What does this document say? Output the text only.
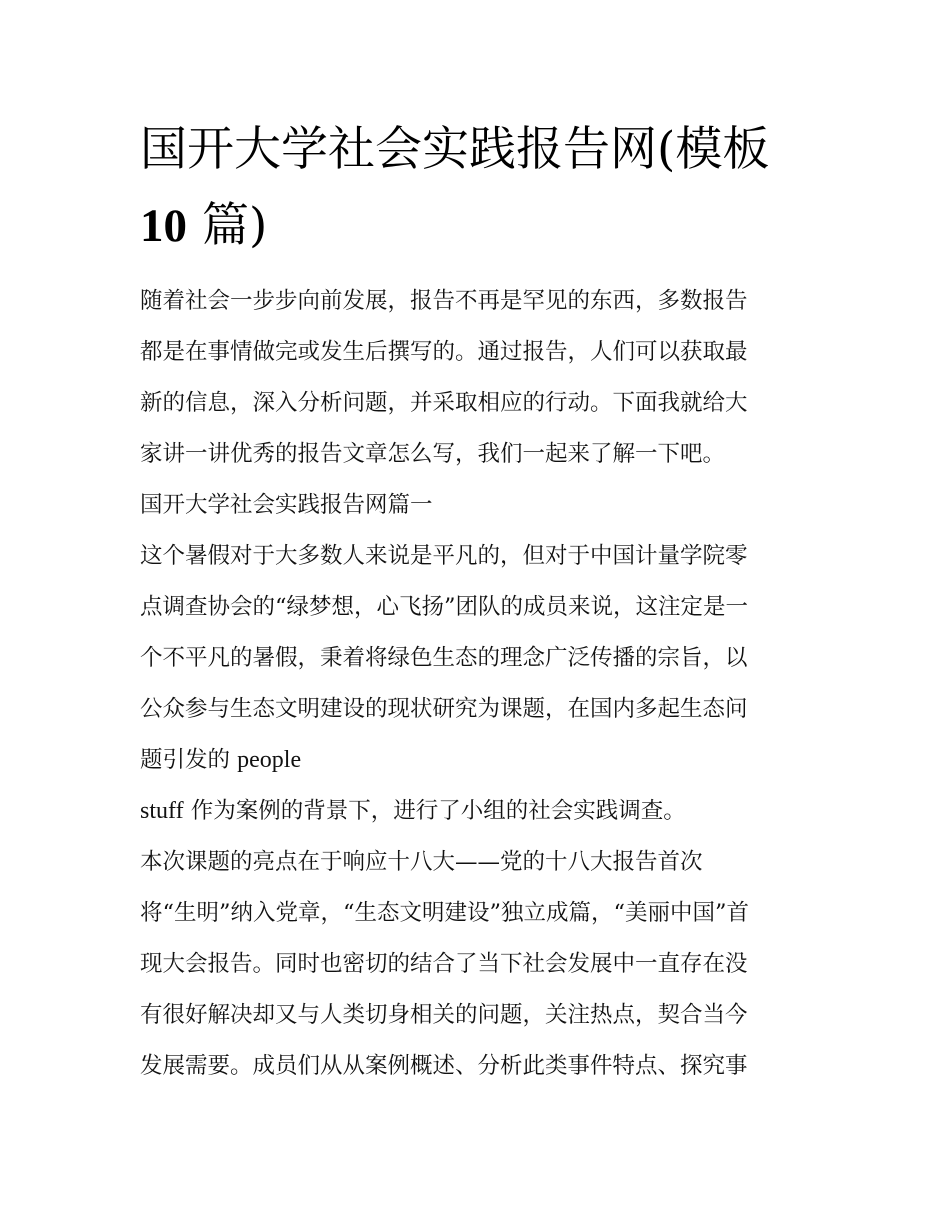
国开大学社会实践报告网(模板
10 篇)

随着社会一步步向前发展，报告不再是罕见的东西，多数报告
都是在事情做完或发生后撰写的。通过报告，人们可以获取最
新的信息，深入分析问题，并采取相应的行动。下面我就给大
家讲一讲优秀的报告文章怎么写，我们一起来了解一下吧。

国开大学社会实践报告网篇一

这个暑假对于大多数人来说是平凡的，但对于中国计量学院零
点调查协会的“绿梦想，心飞扬”团队的成员来说，这注定是一
个不平凡的暑假，秉着将绿色生态的理念广泛传播的宗旨，以
公众参与生态文明建设的现状研究为课题，在国内多起生态问
题引发的 people

stuff 作为案例的背景下，进行了小组的社会实践调查。

本次课题的亮点在于响应十八大——党的十八大报告首次
将“生明”纳入党章，“生态文明建设”独立成篇，“美丽中国”首
现大会报告。同时也密切的结合了当下社会发展中一直存在没
有很好解决却又与人类切身相关的问题，关注热点，契合当今
发展需要。成员们从从案例概述、分析此类事件特点、探究事
